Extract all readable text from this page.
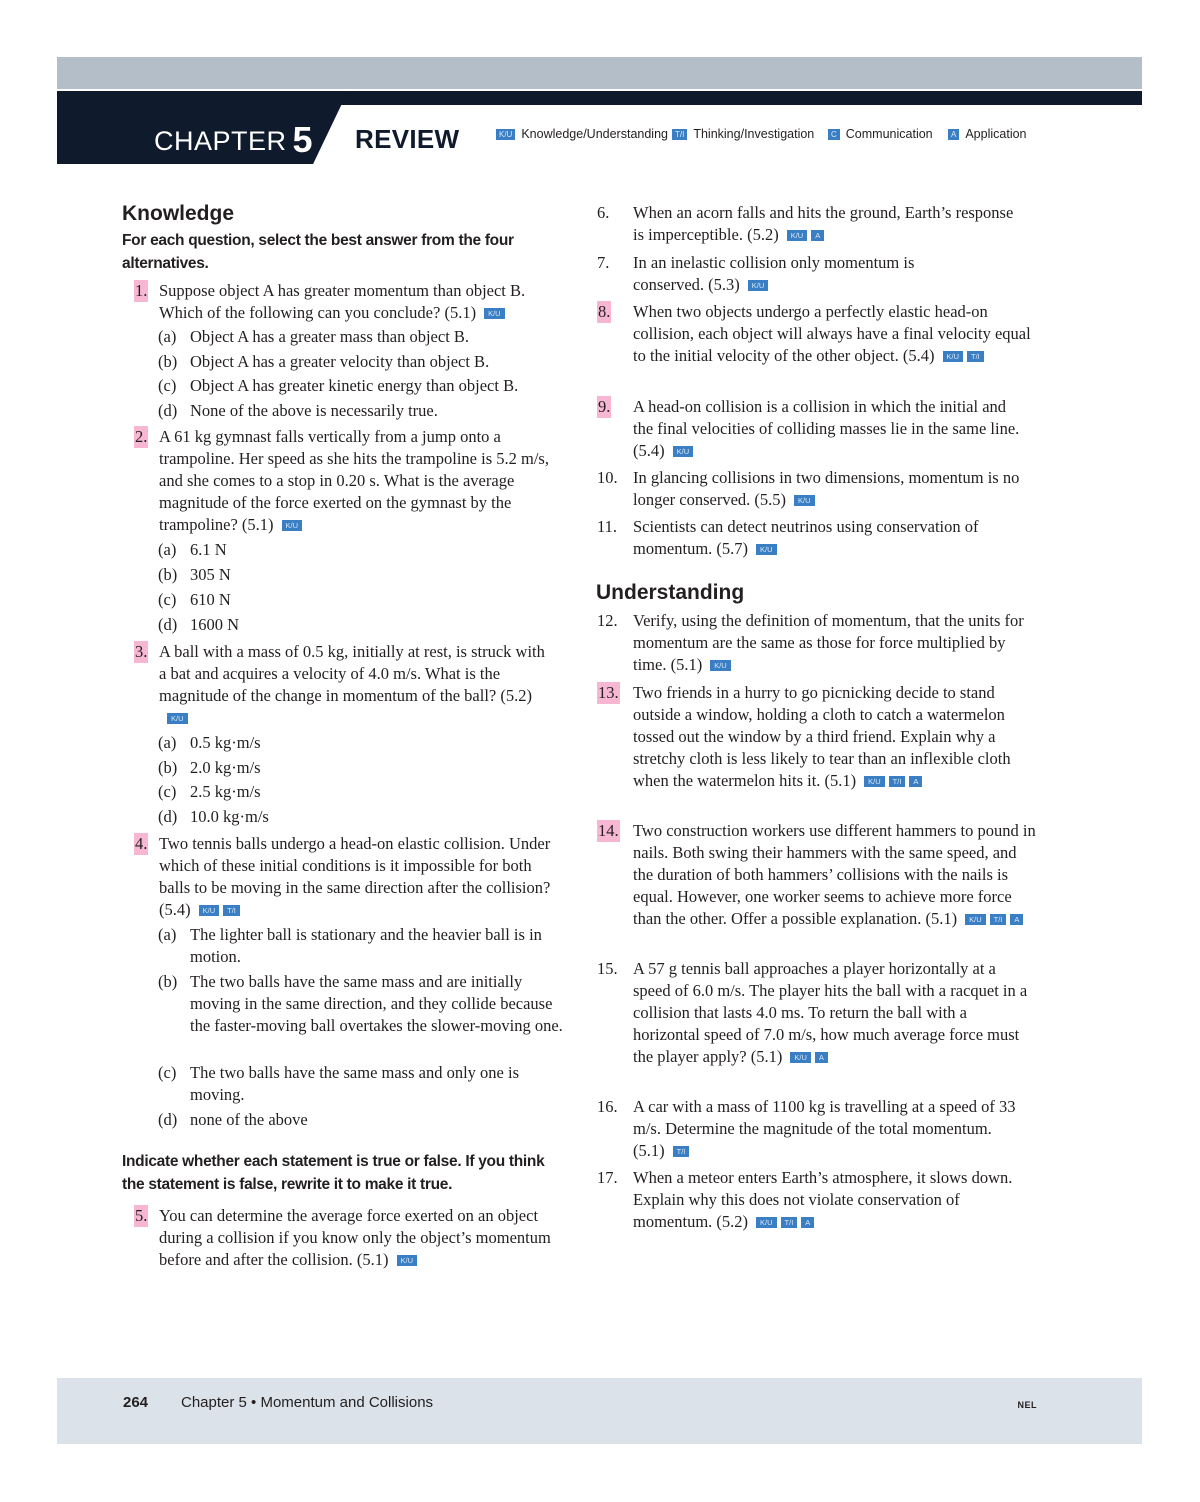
CHAPTER 5 REVIEW	K/U Knowledge/Understanding T/I Thinking/Investigation	C Communication	A Application
Knowledge

For each question, select the best answer from the four alternatives.

1. Suppose object A has greater momentum than object B. Which of the following can you conclude? (5.1) K/U
(a) Object A has a greater mass than object B.
(b) Object A has a greater velocity than object B.
(c) Object A has greater kinetic energy than object B.
(d) None of the above is necessarily true.
2. A 61 kg gymnast falls vertically from a jump onto a trampoline. Her speed as she hits the trampoline is 5.2 m/s, and she comes to a stop in 0.20 s. What is the average magnitude of the force exerted on the gymnast by the trampoline? (5.1) K/U
(a) 6.1 N
(b) 305 N
(c) 610 N
(d) 1600 N
3. A ball with a mass of 0.5 kg, initially at rest, is struck with a bat and acquires a velocity of 4.0 m/s. What is the magnitude of the change in momentum of the ball? (5.2)K/U
(a) 0.5 kg·m/s
(b) 2.0 kg·m/s
(c) 2.5 kg·m/s
(d) 10.0 kg·m/s
4. Two tennis balls undergo a head-on elastic collision. Under which of these initial conditions is it impossible for both balls to be moving in the same direction after the collision? (5.4) K/U T/I
(a) The lighter ball is stationary and the heavier ball is in motion.
(b) The two balls have the same mass and are initially moving in the same direction, and they collide because the faster-moving ball overtakes the slower-moving one.
(c) The two balls have the same mass and only one is moving.
(d) none of the above

Indicate whether each statement is true or false. If you think the statement is false, rewrite it to make it true.

5. You can determine the average force exerted on an object during a collision if you know only the object’s momentum before and after the collision. (5.1) K/U
6. When an acorn falls and hits the ground, Earth’s response is imperceptible. (5.2) K/U A
7. In an inelastic collision only momentum is conserved. (5.3) K/U
8. When two objects undergo a perfectly elastic head-on collision, each object will always have a final velocity equal to the initial velocity of the other object. (5.4) K/U T/I
9. A head-on collision is a collision in which the initial and the final velocities of colliding masses lie in the same line. (5.4) K/U
10. In glancing collisions in two dimensions, momentum is no longer conserved. (5.5) K/U
11. Scientists can detect neutrinos using conservation of momentum. (5.7) K/U
Understanding
12. Verify, using the definition of momentum, that the units for momentum are the same as those for force multiplied by time. (5.1) K/U
13. Two friends in a hurry to go picnicking decide to stand outside a window, holding a cloth to catch a watermelon tossed out the window by a third friend. Explain why a stretchy cloth is less likely to tear than an inflexible cloth when the watermelon hits it. (5.1) K/U T/I A
14. Two construction workers use different hammers to pound in nails. Both swing their hammers with the same speed, and the duration of both hammers’ collisions with the nails is equal. However, one worker seems to achieve more force than the other. Offer a possible explanation. (5.1) K/U T/I A
15. A 57 g tennis ball approaches a player horizontally at a speed of 6.0 m/s. The player hits the ball with a racquet in a collision that lasts 4.0 ms. To return the ball with a horizontal speed of 7.0 m/s, how much average force must the player apply? (5.1) K/U A
16. A car with a mass of 1100 kg is travelling at a speed of 33 m/s. Determine the magnitude of the total momentum. (5.1) T/I
17. When a meteor enters Earth’s atmosphere, it slows down. Explain why this does not violate conservation of momentum. (5.2) K/U T/I A
264 Chapter 5 • Momentum and Collisions	NEL
